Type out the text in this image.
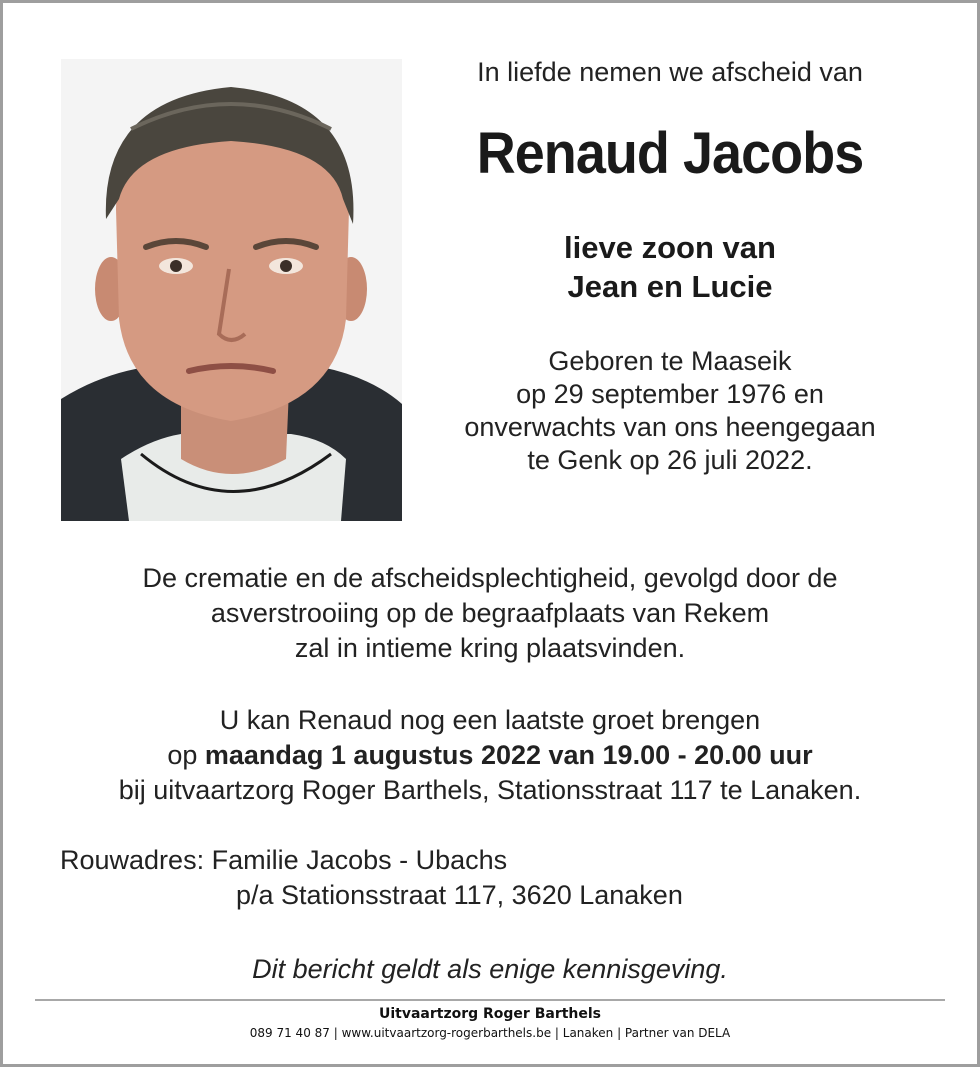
In liefde nemen we afscheid van
Renaud Jacobs
lieve zoon van
Jean en Lucie
Geboren te Maaseik
op 29 september 1976 en
onverwachts van ons heengegaan
te Genk op 26 juli 2022.
De crematie en de afscheidsplechtigheid, gevolgd door de
asverstrooiing op de begraafplaats van Rekem
zal in intieme kring plaatsvinden.
U kan Renaud nog een laatste groet brengen
op maandag 1 augustus 2022 van 19.00 - 20.00 uur
bij uitvaartzorg Roger Barthels, Stationsstraat 117 te Lanaken.
Rouwadres: Familie Jacobs - Ubachs
p/a Stationsstraat 117, 3620 Lanaken
Dit bericht geldt als enige kennisgeving.
Uitvaartzorg Roger Barthels
089 71 40 87 | www.uitvaartzorg-rogerbarthels.be | Lanaken | Partner van DELA
